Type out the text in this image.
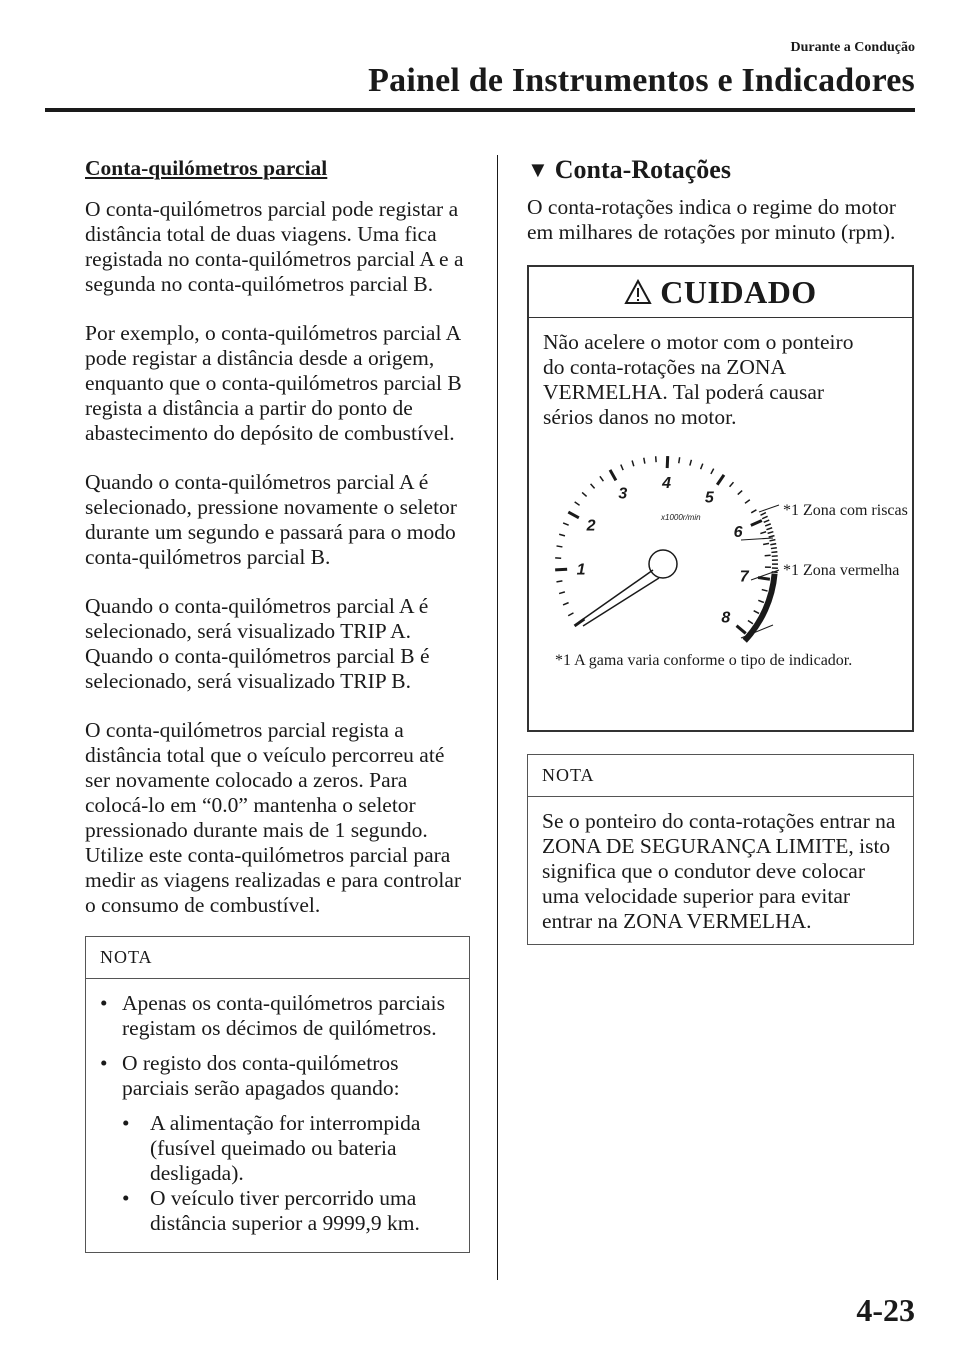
Durante a Condução
Painel de Instrumentos e Indicadores

Conta-quilómetros parcial

O conta-quilómetros parcial pode registar a distância total de duas viagens. Uma fica registada no conta-quilómetros parcial A e a segunda no conta-quilómetros parcial B.

Por exemplo, o conta-quilómetros parcial A pode registar a distância desde a origem, enquanto que o conta-quilómetros parcial B regista a distância a partir do ponto de abastecimento do depósito de combustível.

Quando o conta-quilómetros parcial A é selecionado, pressione novamente o seletor durante um segundo e passará para o modo conta-quilómetros parcial B.

Quando o conta-quilómetros parcial A é selecionado, será visualizado TRIP A. Quando o conta-quilómetros parcial B é selecionado, será visualizado TRIP B.

O conta-quilómetros parcial regista a distância total que o veículo percorreu até ser novamente colocado a zeros. Para colocá-lo em “0.0” mantenha o seletor pressionado durante mais de 1 segundo. Utilize este conta-quilómetros parcial para medir as viagens realizadas e para controlar o consumo de combustível.

NOTA
• Apenas os conta-quilómetros parciais registam os décimos de quilómetros.
• O registo dos conta-quilómetros parciais serão apagados quando:
• A alimentação for interrompida (fusível queimado ou bateria desligada).
• O veículo tiver percorrido uma distância superior a 9999,9 km.
▼ Conta-Rotações

O conta-rotações indica o regime do motor em milhares de rotações por minuto (rpm).

CUIDADO

Não acelere o motor com o ponteiro do conta-rotações na ZONA VERMELHA. Tal poderá causar sérios danos no motor.

1
2
3
4
5
6
7
8
x1000r/min	*1 Zona com riscas
*1 Zona vermelha
*1 A gama varia conforme o tipo de indicador.
NOTA

Se o ponteiro do conta-rotações entrar na ZONA DE SEGURANÇA LIMITE, isto significa que o condutor deve colocar uma velocidade superior para evitar entrar na ZONA VERMELHA.

4-23
